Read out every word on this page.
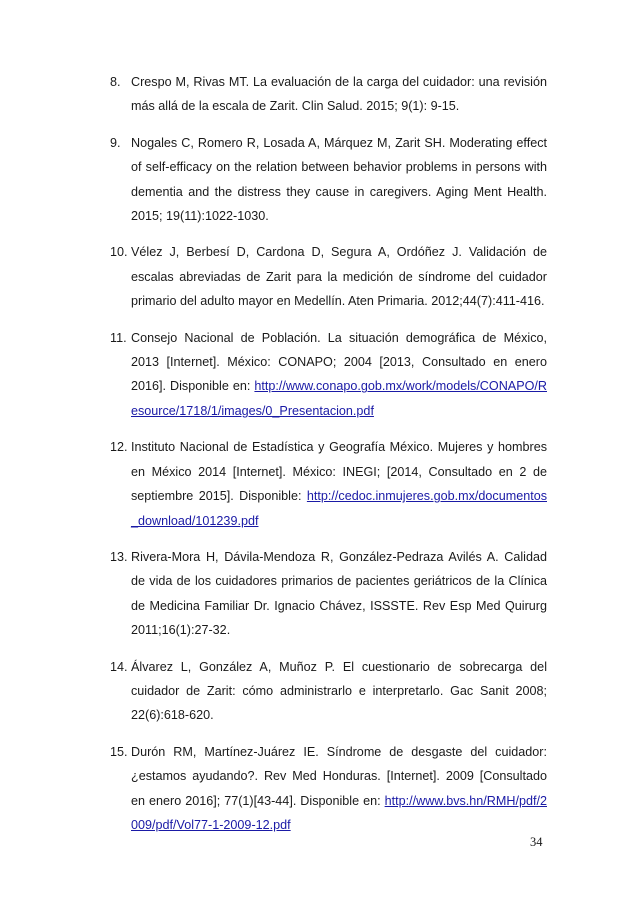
8. Crespo M, Rivas MT. La evaluación de la carga del cuidador: una revisión más allá de la escala de Zarit. Clin Salud. 2015; 9(1): 9-15.
9. Nogales C, Romero R, Losada A, Márquez M, Zarit SH. Moderating effect of self-efficacy on the relation between behavior problems in persons with dementia and the distress they cause in caregivers. Aging Ment Health. 2015; 19(11):1022-1030.
10. Vélez J, Berbesí D, Cardona D, Segura A, Ordóñez J. Validación de escalas abreviadas de Zarit para la medición de síndrome del cuidador primario del adulto mayor en Medellín. Aten Primaria. 2012;44(7):411-416.
11. Consejo Nacional de Población. La situación demográfica de México, 2013 [Internet]. México: CONAPO; 2004 [2013, Consultado en enero 2016]. Disponible en: http://www.conapo.gob.mx/work/models/CONAPO/Resource/1718/1/images/0_Presentacion.pdf
12. Instituto Nacional de Estadística y Geografía México. Mujeres y hombres en México 2014 [Internet]. México: INEGI; [2014, Consultado en 2 de septiembre 2015]. Disponible: http://cedoc.inmujeres.gob.mx/documentos_download/101239.pdf
13. Rivera-Mora H, Dávila-Mendoza R, González-Pedraza Avilés A. Calidad de vida de los cuidadores primarios de pacientes geriátricos de la Clínica de Medicina Familiar Dr. Ignacio Chávez, ISSSTE. Rev Esp Med Quirurg 2011;16(1):27-32.
14. Álvarez L, González A, Muñoz P. El cuestionario de sobrecarga del cuidador de Zarit: cómo administrarlo e interpretarlo. Gac Sanit 2008; 22(6):618-620.
15. Durón RM, Martínez-Juárez IE. Síndrome de desgaste del cuidador: ¿estamos ayudando?. Rev Med Honduras. [Internet]. 2009 [Consultado en enero 2016]; 77(1)[43-44]. Disponible en: http://www.bvs.hn/RMH/pdf/2009/pdf/Vol77-1-2009-12.pdf
34
